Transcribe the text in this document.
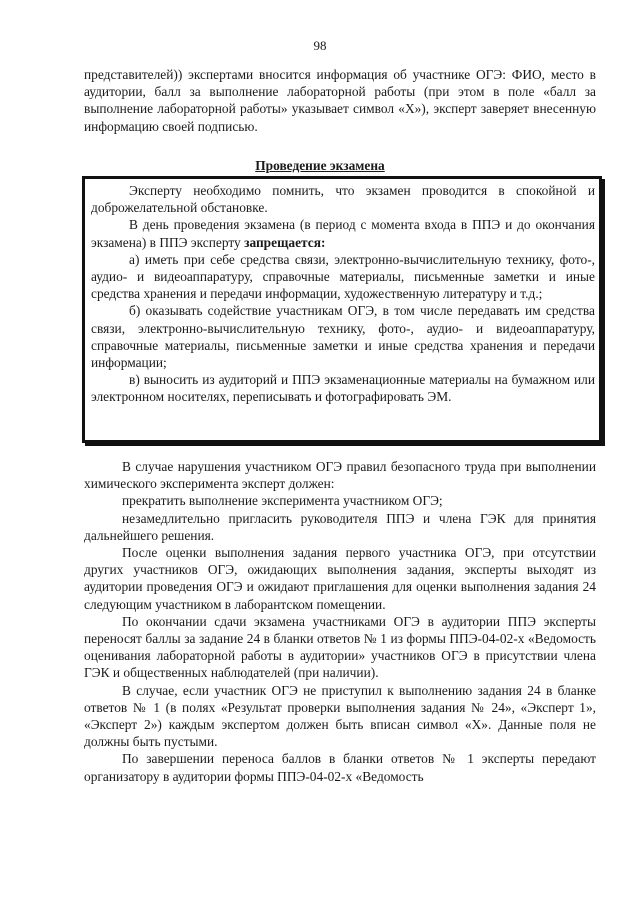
98

представителей)) экспертами вносится информация об участнике ОГЭ: ФИО, место в аудитории, балл за выполнение лабораторной работы (при этом в поле «балл за выполнение лабораторной работы» указывает символ «Х»), эксперт заверяет внесенную информацию своей подписью.

Проведение экзамена

Эксперту необходимо помнить, что экзамен проводится в спокойной и доброжелательной обстановке.

В день проведения экзамена (в период с момента входа в ППЭ и до окончания экзамена) в ППЭ эксперту запрещается:

а) иметь при себе средства связи, электронно-вычислительную технику, фото-, аудио- и видеоаппаратуру, справочные материалы, письменные заметки и иные средства хранения и передачи информации, художественную литературу и т.д.;

б) оказывать содействие участникам ОГЭ, в том числе передавать им средства связи, электронно-вычислительную технику, фото-, аудио- и видеоаппаратуру, справочные материалы, письменные заметки и иные средства хранения и передачи информации;

в) выносить из аудиторий и ППЭ экзаменационные материалы на бумажном или электронном носителях, переписывать и фотографировать ЭМ.

В случае нарушения участником ОГЭ правил безопасного труда при выполнении химического эксперимента эксперт должен:

прекратить выполнение эксперимента участником ОГЭ;

незамедлительно пригласить руководителя ППЭ и члена ГЭК для принятия дальнейшего решения.

После оценки выполнения задания первого участника ОГЭ, при отсутствии других участников ОГЭ, ожидающих выполнения задания, эксперты выходят из аудитории проведения ОГЭ и ожидают приглашения для оценки выполнения задания 24 следующим участником в лаборантском помещении.

По окончании сдачи экзамена участниками ОГЭ в аудитории ППЭ эксперты переносят баллы за задание 24 в бланки ответов № 1 из формы ППЭ-04-02-х «Ведомость оценивания лабораторной работы в аудитории» участников ОГЭ в присутствии члена ГЭК и общественных наблюдателей (при наличии).

В случае, если участник ОГЭ не приступил к выполнению задания 24 в бланке ответов № 1 (в полях «Результат проверки выполнения задания № 24», «Эксперт 1», «Эксперт 2») каждым экспертом должен быть вписан символ «Х». Данные поля не должны быть пустыми.

По завершении переноса баллов в бланки ответов № 1 эксперты передают организатору в аудитории формы ППЭ-04-02-х «Ведомость
